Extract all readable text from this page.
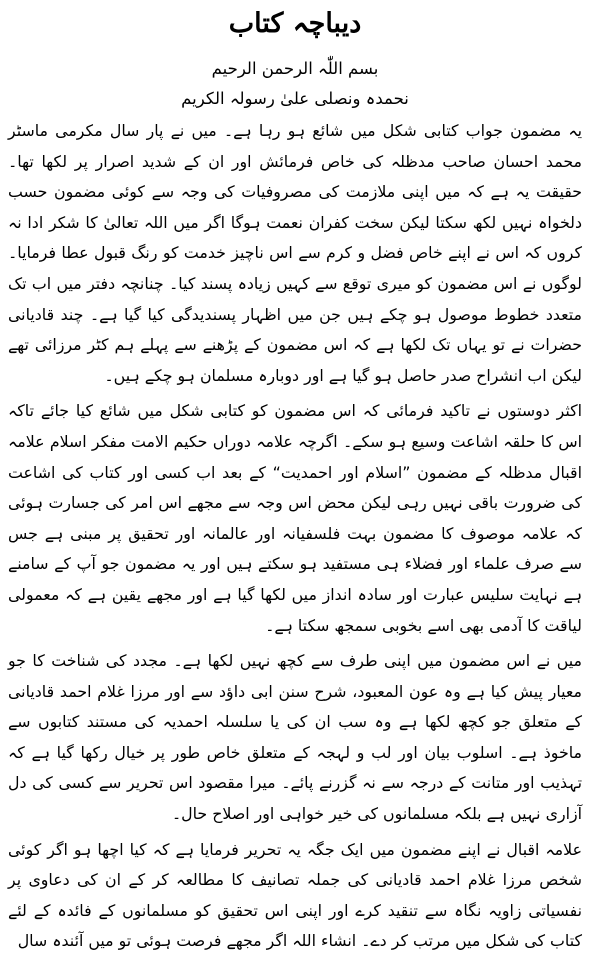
دیباچہ کتاب

بسم اللّٰہ الرحمن الرحیم

نحمدہ ونصلی علیٰ رسولہ الکریم

یہ مضمون جواب کتابی شکل میں شائع ہو رہا ہے۔ میں نے پار سال مکرمی ماسٹر محمد احسان صاحب مدظلہ کی خاص فرمائش اور ان کے شدید اصرار پر لکھا تھا۔ حقیقت یہ ہے کہ میں اپنی ملازمت کی مصروفیات کی وجہ سے کوئی مضمون حسب دلخواہ نہیں لکھ سکتا لیکن سخت کفران نعمت ہوگا اگر میں اللہ تعالیٰ کا شکر ادا نہ کروں کہ اس نے اپنے خاص فضل و کرم سے اس ناچیز خدمت کو رنگ قبول عطا فرمایا۔ لوگوں نے اس مضمون کو میری توقع سے کہیں زیادہ پسند کیا۔ چنانچہ دفتر میں اب تک متعدد خطوط موصول ہو چکے ہیں جن میں اظہار پسندیدگی کیا گیا ہے۔ چند قادیانی حضرات نے تو یہاں تک لکھا ہے کہ اس مضمون کے پڑھنے سے پہلے ہم کٹر مرزائی تھے لیکن اب انشراح صدر حاصل ہو گیا ہے اور دوبارہ مسلمان ہو چکے ہیں۔

اکثر دوستوں نے تاکید فرمائی کہ اس مضمون کو کتابی شکل میں شائع کیا جائے تاکہ اس کا حلقہ اشاعت وسیع ہو سکے۔ اگرچہ علامہ دوراں حکیم الامت مفکر اسلام علامہ اقبال مدظلہ کے مضمون ”اسلام اور احمدیت“ کے بعد اب کسی اور کتاب کی اشاعت کی ضرورت باقی نہیں رہی لیکن محض اس وجہ سے مجھے اس امر کی جسارت ہوئی کہ علامہ موصوف کا مضمون بہت فلسفیانہ اور عالمانہ اور تحقیق پر مبنی ہے جس سے صرف علماء اور فضلاء ہی مستفید ہو سکتے ہیں اور یہ مضمون جو آپ کے سامنے ہے نہایت سلیس عبارت اور سادہ انداز میں لکھا گیا ہے اور مجھے یقین ہے کہ معمولی لیاقت کا آدمی بھی اسے بخوبی سمجھ سکتا ہے۔

میں نے اس مضمون میں اپنی طرف سے کچھ نہیں لکھا ہے۔ مجدد کی شناخت کا جو معیار پیش کیا ہے وہ عون المعبود، شرح سنن ابی داؤد سے اور مرزا غلام احمد قادیانی کے متعلق جو کچھ لکھا ہے وہ سب ان کی یا سلسلہ احمدیہ کی مستند کتابوں سے ماخوذ ہے۔ اسلوب بیان اور لب و لہجہ کے متعلق خاص طور پر خیال رکھا گیا ہے کہ تہذیب اور متانت کے درجہ سے نہ گزرنے پائے۔ میرا مقصود اس تحریر سے کسی کی دل آزاری نہیں ہے بلکہ مسلمانوں کی خیر خواہی اور اصلاح حال۔

علامہ اقبال نے اپنے مضمون میں ایک جگہ یہ تحریر فرمایا ہے کہ کیا اچھا ہو اگر کوئی شخص مرزا غلام احمد قادیانی کی جملہ تصانیف کا مطالعہ کر کے ان کی دعاوی پر نفسیاتی زاویہ نگاہ سے تنقید کرے اور اپنی اس تحقیق کو مسلمانوں کے فائدہ کے لئے کتاب کی شکل میں مرتب کر دے۔ انشاء اللہ اگر مجھے فرصت ہوئی تو میں آئندہ سال
